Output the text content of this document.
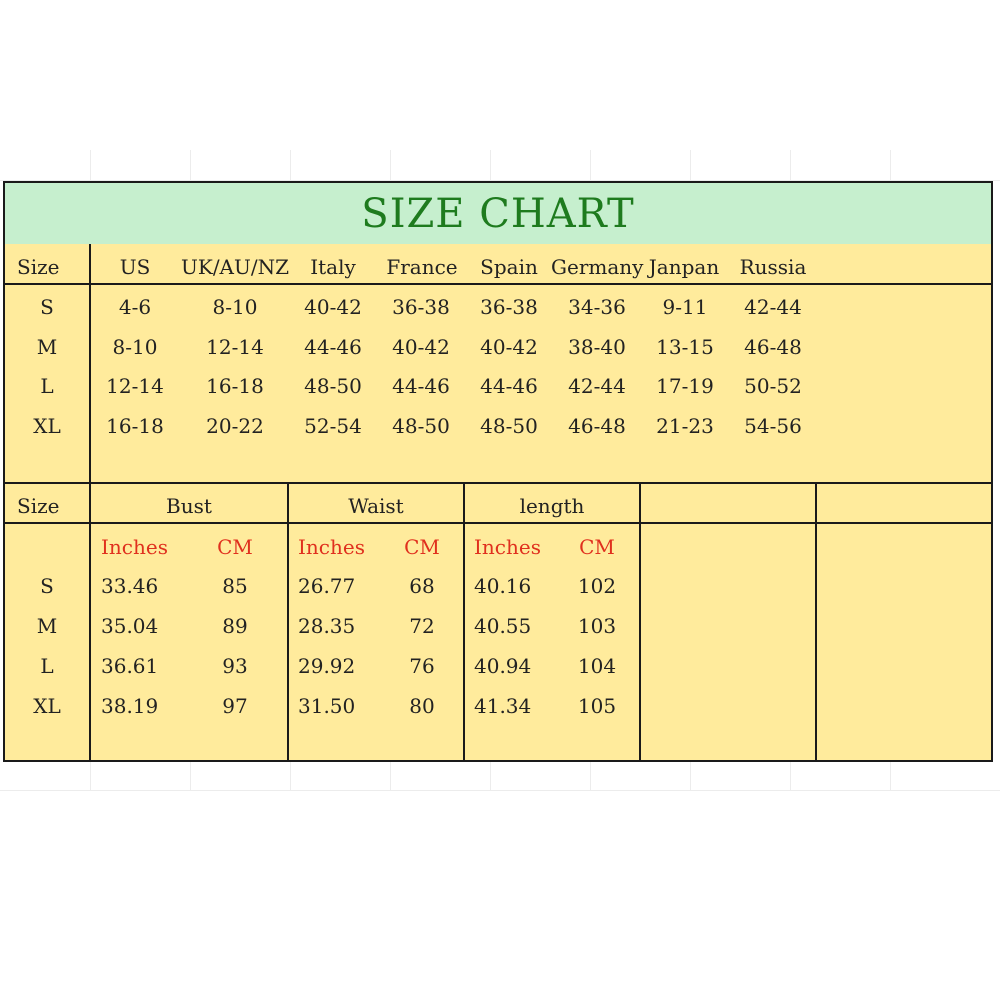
SIZE CHART
Size	US	UK/AU/NZ	Italy	France Spain Germany Janpan	Russia
S	4-6	8-10	40-42	36-38	36-38	34-36	9-11	42-44
M	8-10	12-14	44-46	40-42	40-42	38-40	13-15	46-48
L	12-14	16-18	48-50	44-46	44-46	42-44	17-19	50-52
XL	16-18	20-22	52-54	48-50	48-50	46-48	21-23	54-56
Size	Bust	Waist	length
Inches CM Inches CM Inches CM
S	33.46	85	26.77	68	40.16 102
M	35.04	89	28.35	72	40.55 103
L	36.61	93	29.92	76	40.94 104
XL	38.19	97	31.50	80	41.34 105
